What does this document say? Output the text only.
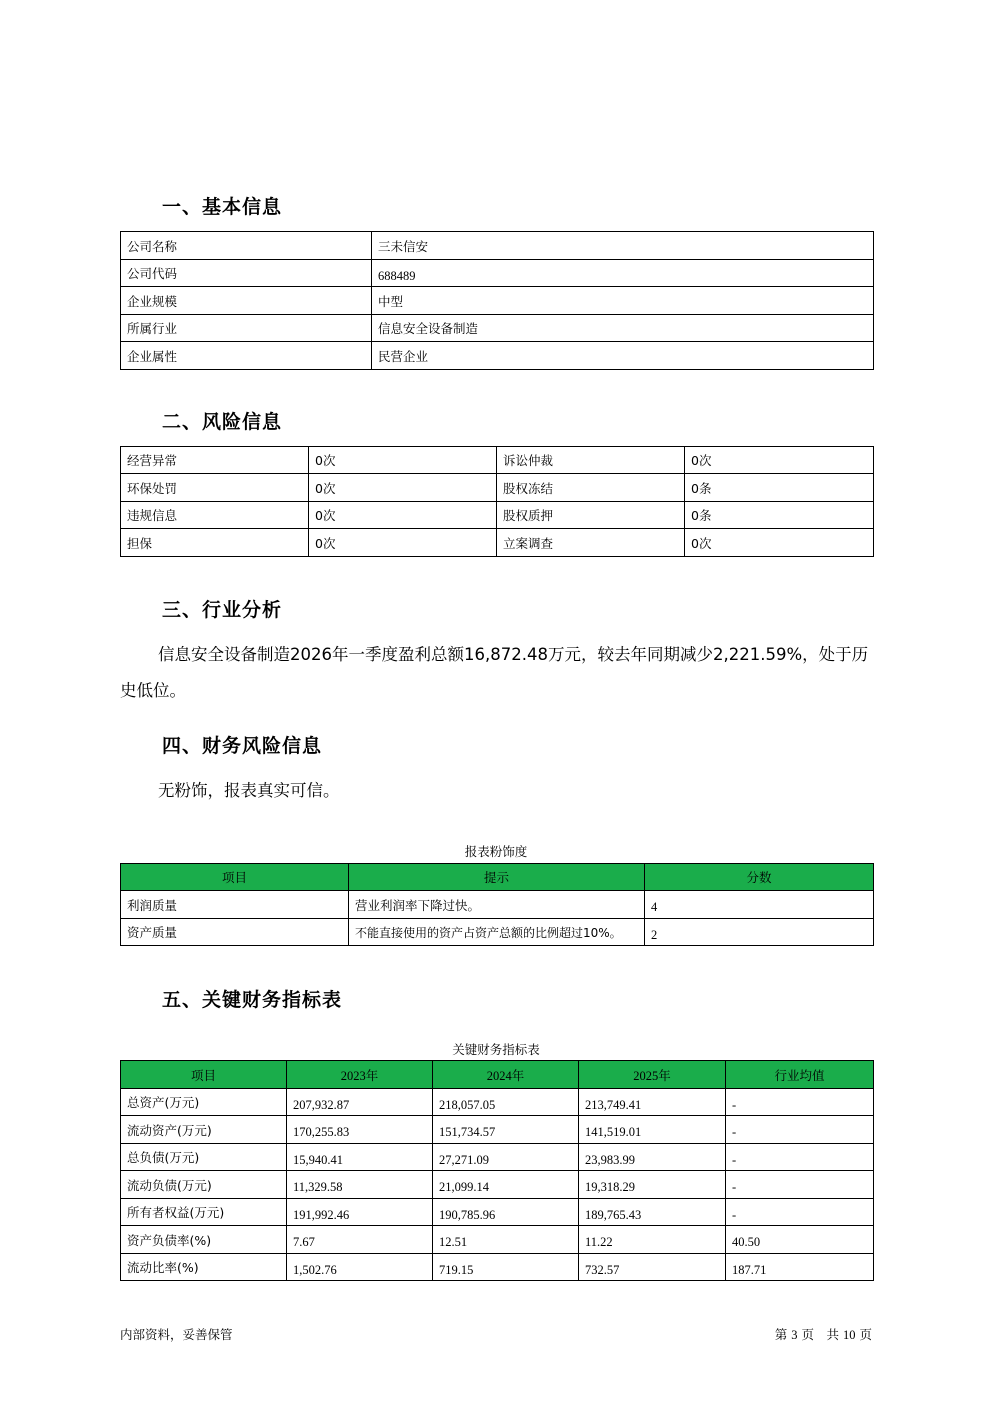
一、基本信息
公司名称	三未信安
公司代码	688489
企业规模	中型
所属行业	信息安全设备制造
企业属性	民营企业
二、风险信息
经营异常	0次	诉讼仲裁	0次
环保处罚	0次	股权冻结	0条
违规信息	0次	股权质押	0条
担保	0次	立案调查	0次
三、行业分析

信息安全设备制造2026年一季度盈利总额16,872.48万元，较去年同期减少2,221.59%，处于历史低位。

四、财务风险信息

无粉饰，报表真实可信。

报表粉饰度
项目	提示	分数
利润质量	营业利润率下降过快。	4
资产质量	不能直接使用的资产占资产总额的比例超过10%。	2
五、关键财务指标表
关键财务指标表
项目	2023年	2024年	2025年	行业均值
总资产(万元)	207,932.87	218,057.05	213,749.41	-
流动资产(万元)	170,255.83	151,734.57	141,519.01	-
总负债(万元)	15,940.41	27,271.09	23,983.99	-
流动负债(万元)	11,329.58	21,099.14	19,318.29	-
所有者权益(万元)	191,992.46	190,785.96	189,765.43	-
资产负债率(%)	7.67	12.51	11.22	40.50
流动比率(%)	1,502.76	719.15	732.57	187.71
内部资料，妥善保管	第 3 页　共 10 页
